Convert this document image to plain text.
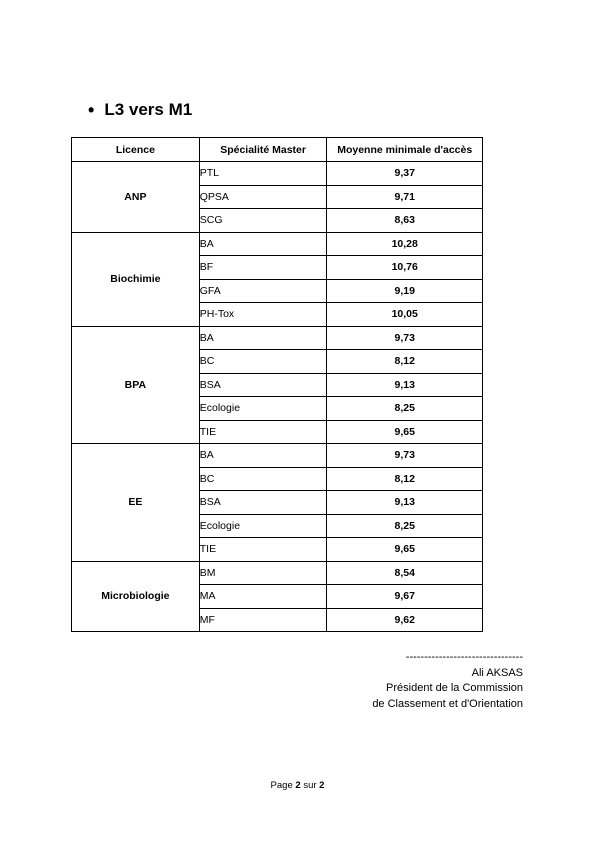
• L3 vers M1
Licence	Spécialité Master	Moyenne minimale d'accès
ANP	PTL	9,37
	QPSA	9,71
	SCG	8,63
Biochimie	BA	10,28
	BF	10,76
	GFA	9,19
	PH-Tox	10,05
BPA	BA	9,73
	BC	8,12
	BSA	9,13
	Ecologie	8,25
	TIE	9,65
EE	BA	9,73
	BC	8,12
	BSA	9,13
	Ecologie	8,25
	TIE	9,65
Microbiologie	BM	8,54
	MA	9,67
	MF	9,62
--------------------------------
Ali AKSAS
Président de la Commission
de Classement et d'Orientation
Page 2 sur 2
